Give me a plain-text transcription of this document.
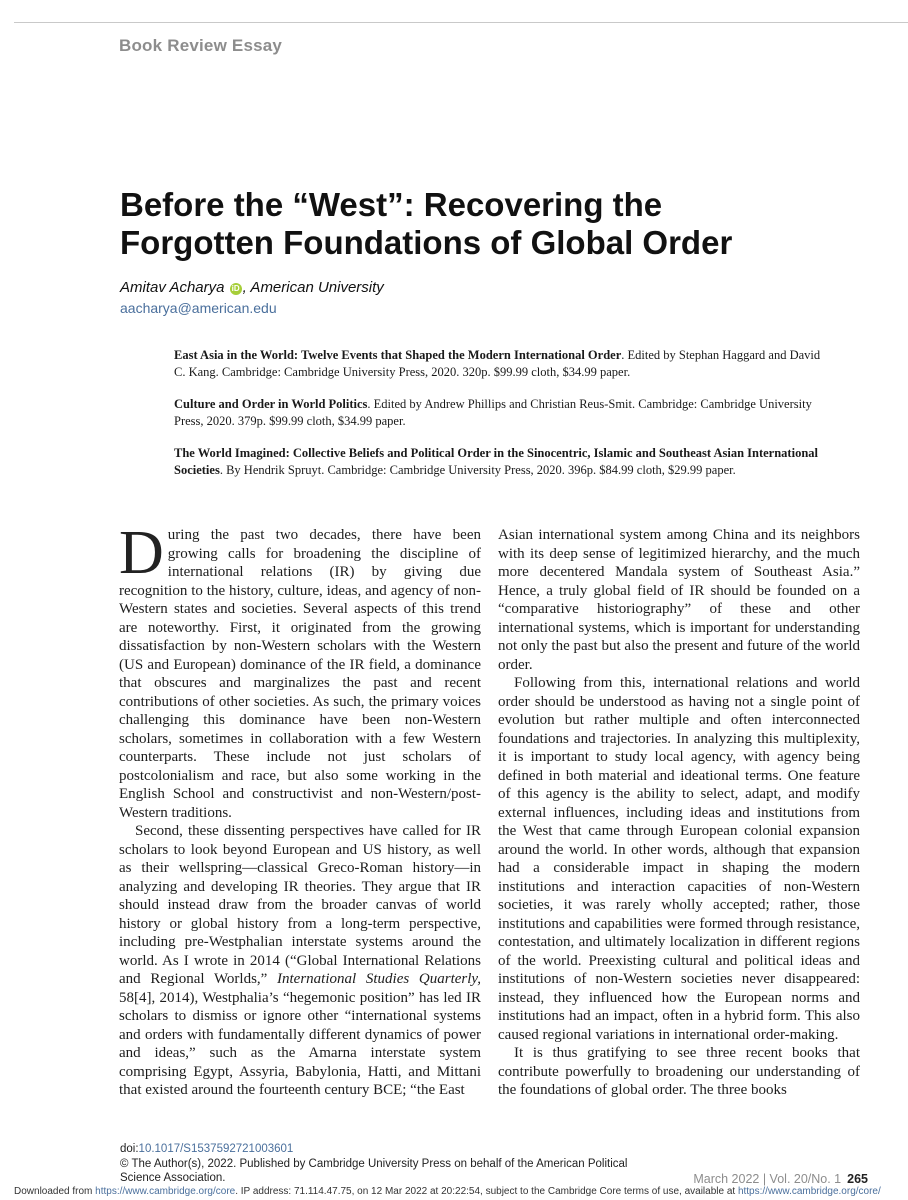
Book Review Essay
Before the “West”: Recovering the
Forgotten Foundations of Global Order
Amitav Acharya iD , American University
aacharya@american.edu
East Asia in the World: Twelve Events that Shaped the Modern International Order. Edited by Stephan Haggard and David C. Kang. Cambridge: Cambridge University Press, 2020. 320p. $99.99 cloth, $34.99 paper.
Culture and Order in World Politics. Edited by Andrew Phillips and Christian Reus-Smit. Cambridge: Cambridge University Press, 2020. 379p. $99.99 cloth, $34.99 paper.
The World Imagined: Collective Beliefs and Political Order in the Sinocentric, Islamic and Southeast Asian International Societies. By Hendrik Spruyt. Cambridge: Cambridge University Press, 2020. 396p. $84.99 cloth, $29.99 paper.

During the past two decades, there have been growing calls for broadening the discipline of international relations (IR) by giving due recognition to the history, culture, ideas, and agency of non-Western states and societies. Several aspects of this trend are noteworthy. First, it originated from the growing dissatisfaction by non-Western scholars with the Western (US and European) dominance of the IR field, a dominance that obscures and marginalizes the past and recent contributions of other societies. As such, the primary voices challenging this dominance have been non-Western scholars, sometimes in collaboration with a few Western counterparts. These include not just scholars of postcolonialism and race, but also some working in the English School and constructivist and non-Western/post-Western traditions.

Second, these dissenting perspectives have called for IR scholars to look beyond European and US history, as well as their wellspring—classical Greco-Roman history—in analyzing and developing IR theories. They argue that IR should instead draw from the broader canvas of world history or global history from a long-term perspective, including pre-Westphalian interstate systems around the world. As I wrote in 2014 (“Global International Relations and Regional Worlds,” International Studies Quarterly, 58[4], 2014), Westphalia’s “hegemonic position” has led IR scholars to dismiss or ignore other “international systems and orders with fundamentally different dynamics of power and ideas,” such as the Amarna interstate system comprising Egypt, Assyria, Babylonia, Hatti, and Mittani that existed around the fourteenth century BCE; “the East

Asian international system among China and its neighbors with its deep sense of legitimized hierarchy, and the much more decentered Mandala system of Southeast Asia.” Hence, a truly global field of IR should be founded on a “comparative historiography” of these and other international systems, which is important for understanding not only the past but also the present and future of the world order.

Following from this, international relations and world order should be understood as having not a single point of evolution but rather multiple and often interconnected foundations and trajectories. In analyzing this multiplexity, it is important to study local agency, with agency being defined in both material and ideational terms. One feature of this agency is the ability to select, adapt, and modify external influences, including ideas and institutions from the West that came through European colonial expansion around the world. In other words, although that expansion had a considerable impact in shaping the modern institutions and interaction capacities of non-Western societies, it was rarely wholly accepted; rather, those institutions and capabilities were formed through resistance, contestation, and ultimately localization in different regions of the world. Preexisting cultural and political ideas and institutions of non-Western societies never disappeared: instead, they influenced how the European norms and institutions had an impact, often in a hybrid form. This also caused regional variations in international order-making.

It is thus gratifying to see three recent books that contribute powerfully to broadening our understanding of the foundations of global order. The three books

doi:10.1017/S1537592721003601
© The Author(s), 2022. Published by Cambridge University Press on behalf of the American Political Science Association.	March 2022 | Vol. 20/No. 1 265
Downloaded from https://www.cambridge.org/core. IP address: 71.114.47.75, on 12 Mar 2022 at 20:22:54, subject to the Cambridge Core terms of use, available at https://www.cambridge.org/core/
